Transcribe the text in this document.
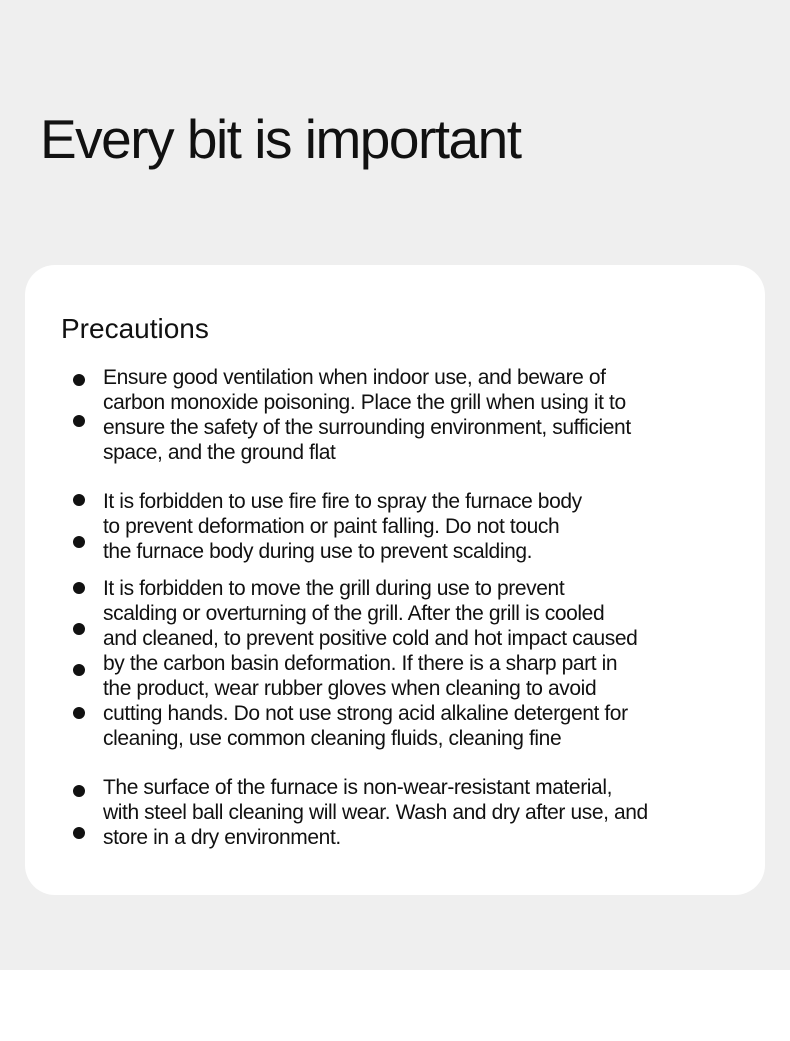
Every bit is important
Precautions

Ensure good ventilation when indoor use, and beware of
carbon monoxide poisoning. Place the grill when using it to
ensure the safety of the surrounding environment, sufficient
space, and the ground flat

It is forbidden to use fire fire to spray the furnace body
to prevent deformation or paint falling. Do not touch
the furnace body during use to prevent scalding.

It is forbidden to move the grill during use to prevent
scalding or overturning of the grill. After the grill is cooled
and cleaned, to prevent positive cold and hot impact caused
by the carbon basin deformation. If there is a sharp part in
the product, wear rubber gloves when cleaning to avoid
cutting hands. Do not use strong acid alkaline detergent for
cleaning, use common cleaning fluids, cleaning fine

The surface of the furnace is non-wear-resistant material,
with steel ball cleaning will wear. Wash and dry after use, and
store in a dry environment.
